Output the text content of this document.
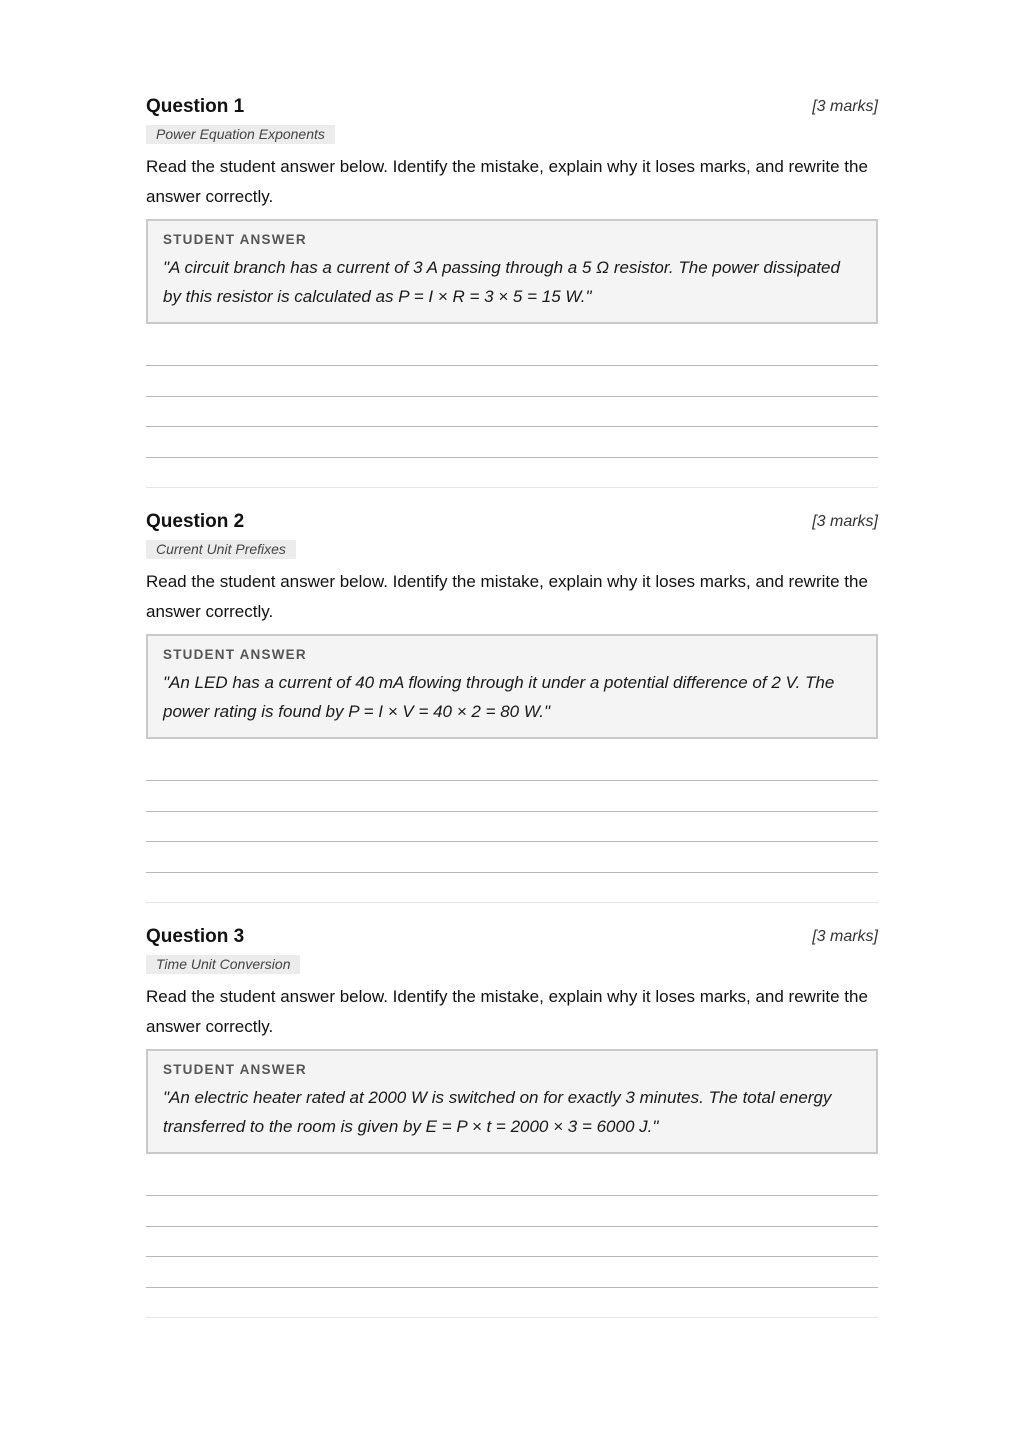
Question 1	[3 marks]
Power Equation Exponents

Read the student answer below. Identify the mistake, explain why it loses marks, and rewrite the answer correctly.

STUDENT ANSWER
"A circuit branch has a current of 3 A passing through a 5 Ω resistor. The power dissipated by this resistor is calculated as P = I × R = 3 × 5 = 15 W."
Question 2	[3 marks]
Current Unit Prefixes

Read the student answer below. Identify the mistake, explain why it loses marks, and rewrite the answer correctly.

STUDENT ANSWER
"An LED has a current of 40 mA flowing through it under a potential difference of 2 V. The power rating is found by P = I × V = 40 × 2 = 80 W."
Question 3	[3 marks]
Time Unit Conversion

Read the student answer below. Identify the mistake, explain why it loses marks, and rewrite the answer correctly.

STUDENT ANSWER
"An electric heater rated at 2000 W is switched on for exactly 3 minutes. The total energy transferred to the room is given by E = P × t = 2000 × 3 = 6000 J."
